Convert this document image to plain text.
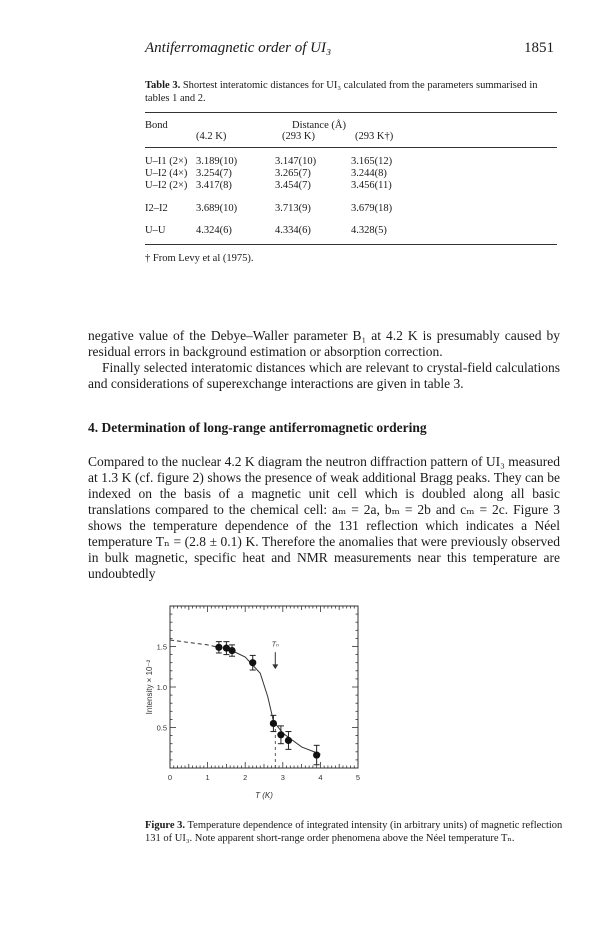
Antiferromagnetic order of UI₃	1851
Table 3. Shortest interatomic distances for UI₃ calculated from the parameters summarised in tables 1 and 2.
Bond	Distance (Å)
(4.2 K)	(293 K)	(293 K†)
U–I1 (2×) 3.189(10)	3.147(10)	3.165(12)
U–I2 (4×) 3.254(7)	3.265(7)	3.244(8)
U–I2 (2×) 3.417(8)	3.454(7)	3.456(11)
I2–I2	3.689(10)	3.713(9)	3.679(18)
U–U	4.324(6)	4.334(6)	4.328(5)
† From Levy et al (1975).
negative value of the Debye–Waller parameter B₁ at 4.2 K is presumably caused by residual errors in background estimation or absorption correction.
Finally selected interatomic distances which are relevant to crystal-field calculations and considerations of superexchange interactions are given in table 3.
4. Determination of long-range antiferromagnetic ordering
Compared to the nuclear 4.2 K diagram the neutron diffraction pattern of UI₃ measured at 1.3 K (cf. figure 2) shows the presence of weak additional Bragg peaks. They can be indexed on the basis of a magnetic unit cell which is doubled along all basic translations compared to the chemical cell: aₘ = 2a, bₘ = 2b and cₘ = 2c. Figure 3 shows the temperature dependence of the 131 reflection which indicates a Néel temperature Tₙ = (2.8 ± 0.1) K. Therefore the anomalies that were previously observed in bulk magnetic, specific heat and NMR measurements near this temperature are undoubtedly
0	1	2	3	4	5
0.5
1.0
1.5
T (K)
Intensity × 10⁻²
Tₙ
Figure 3. Temperature dependence of integrated intensity (in arbitrary units) of magnetic reflection 131 of UI₃. Note apparent short-range order phenomena above the Néel temperature Tₙ.
